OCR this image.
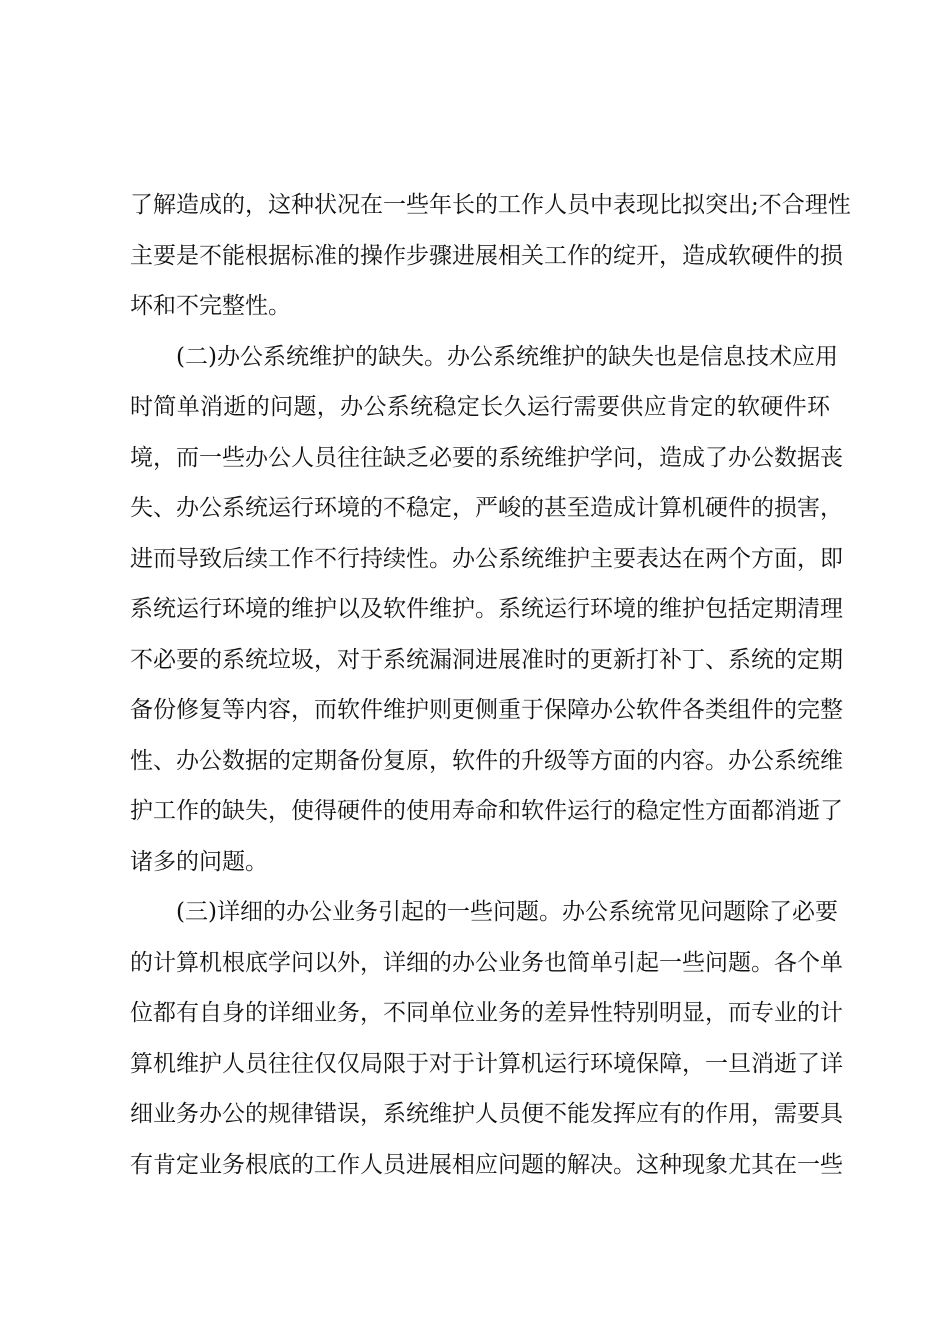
了解造成的，这种状况在一些年长的工作人员中表现比拟突出;不合理性
主要是不能根据标准的操作步骤进展相关工作的绽开，造成软硬件的损
坏和不完整性。
(二)办公系统维护的缺失。办公系统维护的缺失也是信息技术应用
时简单消逝的问题，办公系统稳定长久运行需要供应肯定的软硬件环
境，而一些办公人员往往缺乏必要的系统维护学问，造成了办公数据丧
失、办公系统运行环境的不稳定，严峻的甚至造成计算机硬件的损害，
进而导致后续工作不行持续性。办公系统维护主要表达在两个方面，即
系统运行环境的维护以及软件维护。系统运行环境的维护包括定期清理
不必要的系统垃圾，对于系统漏洞进展准时的更新打补丁、系统的定期
备份修复等内容，而软件维护则更侧重于保障办公软件各类组件的完整
性、办公数据的定期备份复原，软件的升级等方面的内容。办公系统维
护工作的缺失，使得硬件的使用寿命和软件运行的稳定性方面都消逝了
诸多的问题。
(三)详细的办公业务引起的一些问题。办公系统常见问题除了必要
的计算机根底学问以外，详细的办公业务也简单引起一些问题。各个单
位都有自身的详细业务，不同单位业务的差异性特别明显，而专业的计
算机维护人员往往仅仅局限于对于计算机运行环境保障，一旦消逝了详
细业务办公的规律错误，系统维护人员便不能发挥应有的作用，需要具
有肯定业务根底的工作人员进展相应问题的解决。这种现象尤其在一些
